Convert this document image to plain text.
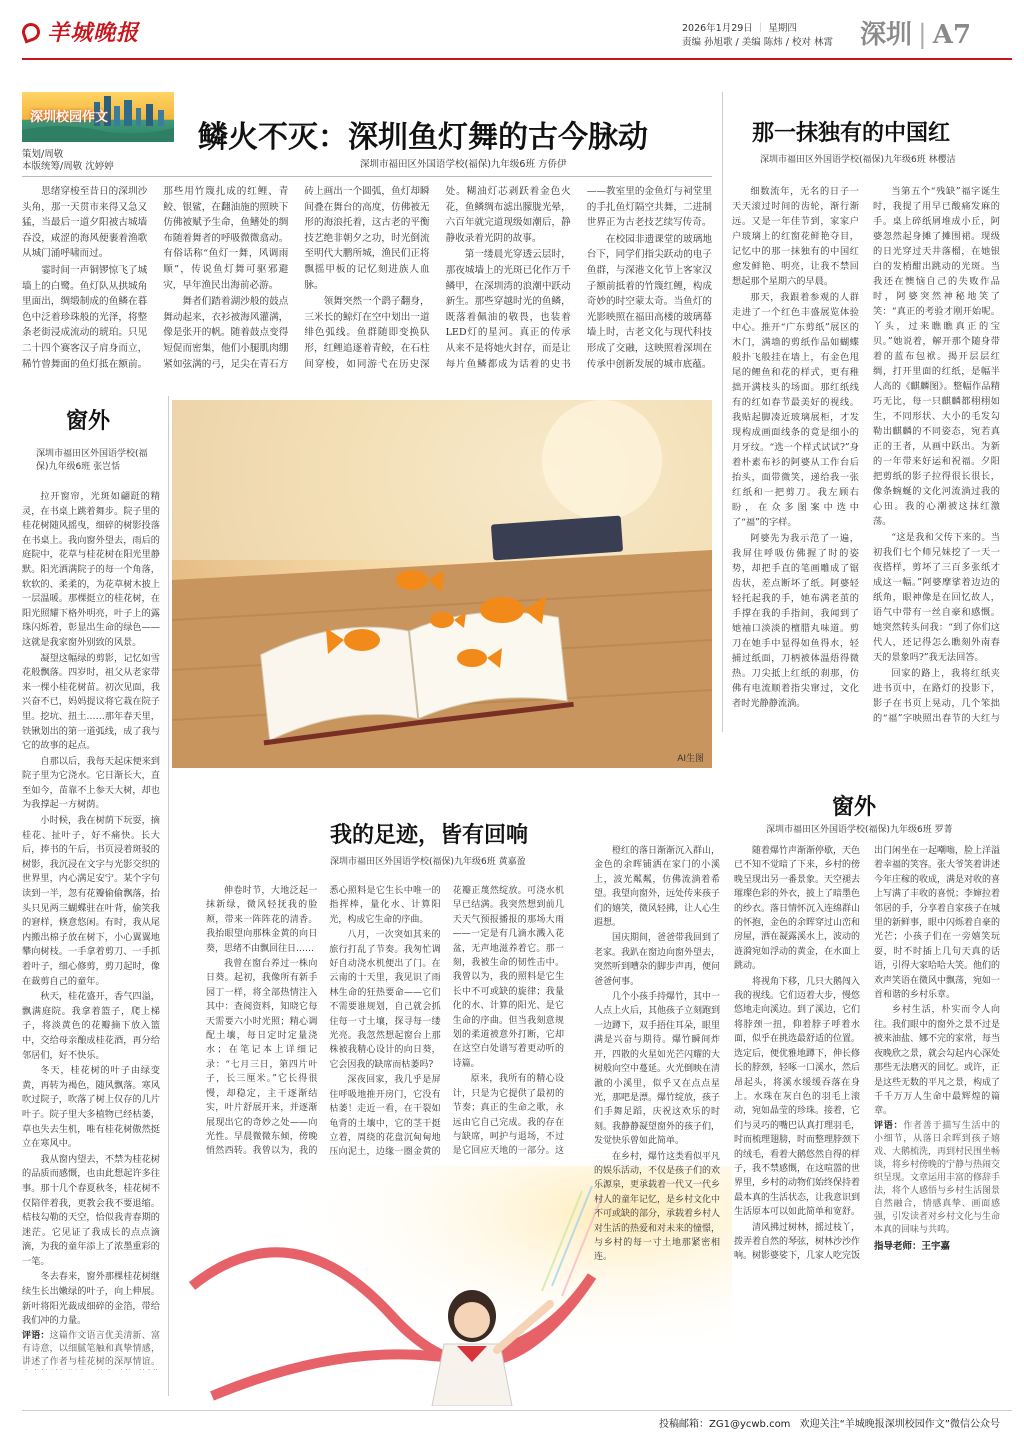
羊城晚报	2026年1月29日 ｜ 星期四
责编 孙旭歌 / 美编 陈炜 / 校对 林霄 深圳 | A7
深圳校园作文
策划/周敬
本版统筹/周敬 沈婷婷
鳞火不灭：深圳鱼灯舞的古今脉动
深圳市福田区外国语学校(福保)九年级6班 方侨伊

思绪穿梭至昔日的深圳沙头角，那一天贯市来得又急又猛，当最后一道夕阳被古城墙吞没，咸涩的海风便裹着渔歌从城门涌呼啸而过。

霎时间一声铜锣惊飞了城墙上的白鹭。鱼灯队从拱城角里面出，绸缎制成的鱼鳞在暮色中泛着珍珠般的光泽，将整条老街浸成流动的琥珀。只见二十四个赛客汉子肩身而立，稀竹曾舞面的鱼灯抵在额前。那些用竹篾扎成的红鲤、青鲛、银鲨，在翻油施的照映下仿佛被赋予生命，鱼鳍处的绸布随着舞者的呼吸微微翕动。有俗话称“鱼灯一舞，风调雨顺”，传说鱼灯舞可驱邪避灾，早年渔民出海前必游。

舞者们踏着湖沙般的鼓点舞动起来，衣衫被海风灌满，像是张开的帆。随着鼓点变得短促而密集，他们小腿肌肉绷紧如弦满的弓，足尖在青石方砖上画出一个圆弧，鱼灯却瞬间叠在舞台的高度，仿佛被无形的海浪托着，这古老的平衡技艺绝非朝夕之功，时光倒流至明代大鹏所城，渔民们正将飘摇甲板的记忆刻进族人血脉。

领舞突然一个鹞子翻身，三米长的鲸灯在空中划出一道绯色弧线。鱼群随即变换队形，红鲤追逐着青鲛，在石柱间穿梭，如同游弋在历史深处。糊油灯芯剥跃着金色火花，鱼鳞绸布滤出朦胧光晕，六百年就完道现级如潮后，静静收录着光阴的故事。

第一缕晨光穿透云层时，那夜城墙上的光斑已化作万千鳞甲，在深圳湾的浪潮中跃动新生。那些穿越时光的鱼鳞，既落着佩油的敬畏，也装着LED灯的星河。真正的传承从来不是将她火封存，而是让每片鱼鳞都成为话着的史书——教室里的金鱼灯与祠堂里的手扎鱼灯隔空共舞，二进制世界正为古老技艺续写传奇。

在校园非遗课堂的玻璃地台下，同学们指尖跃动的电子鱼群，与深港文化节上客家汉子额前抵着的竹篾红鲤，构成奇妙的时空蒙太奇。当鱼灯的光影映照在福田高楼的玻璃幕墙上时，古老文化与现代科技形成了交融，这映照着深圳在传承中创新发展的城市底蕴。

那一抹独有的中国红
深圳市福田区外国语学校(福保)九年级6班 林樱洁

细数流年，无名的日子一天天滚过时间的齿轮，渐行渐远。又是一年佳节到，家家户户玻璃上的红窗花鲜艳夺目，记忆中的那一抹独有的中国红愈发鲜艳、明亮，让我不禁回想起那个星期六的早晨。

那天，我跟着参观的人群走进了一个红色丰盛展览体验中心。推开“广东剪纸”展区的木门，满墙的剪纸作品如蝴蝶般扑飞般挂在墙上，有金色甩尾的鲤鱼和花的样式，更有稚拙开满枝头的场面。那红纸线有的红如春节最美好的视线。我贴起脚凑近玻璃展柜，才发现构成画面线条的竟是细小的月牙纹。“选一个样式试试?”身着朴素布衫的阿婆从工作台后抬头，面带微笑，递给我一张红纸和一把剪刀。我左顾右盼，在众多图案中选中了“福”的字样。

阿婆先为我示范了一遍，我屏住呼吸仿佛握了时的姿势，却把手直的笔画雕成了锯齿状，差点断坏了纸。阿婆轻轻托起我的手，她布满老茧的手撑在我的手指间，我闻到了她袖口淡淡的檀腊丸味道。剪刀在她手中显得如鱼得水，轻捕过纸面，刀柄被体温焐得微热。刀尖抵上红纸的刹那，仿佛有电流顺着指尖窜过，文化者时光静静流淌。

当第五个“残缺”福字诞生时，我提了用早已酸痛发麻的手。桌上碎纸屑堆成小丘，阿婆忽然起身摊了摊围裙。现级的日光穿过天井落榴，在她银白的发梢酣出跳动的光斑。当我还在懊恼自己的失败作品时，阿婆突然神秘地笑了笑：“真正的考验才刚开始呢。丫头，过来瞧瞧真正的宝贝。”她说着，解开那个随身带着的蓝布包袱。揭开层层红绸，打开里面的红纸，是幅半人高的《麒麟图》。整幅作品精巧无比，每一只麒麟都栩栩如生，不同形状、大小的毛发勾勒出麒麟的不同姿态，宛若真正的王者，从画中跃出。为新的一年带来好运和祝福。夕阳把剪纸的影子拉得很长很长，像条蜿蜒的文化河流淌过我的心田。我的心潮被这抹红激荡。

“这是我和父传下来的。当初我们七个师兄妹挖了一天一夜搭样，剪坏了三百多张纸才成这一幅。”阿婆摩挲着边边的纸角，眼神像是在回忆故人，语气中带有一丝自豪和感慨。她突然转头问我：“到了你们这代人，还记得怎么瞧刻外南春天的景象吗?”我无法回答。

回家的路上，我将红纸夹进书页中，在路灯的投影下，影子在书页上晃动，几个笨拙的“福”字映照出春节的大红与

窗外
深圳市福田区外国语学校(福保)九年级6班 张岂恬

拉开窗帘，光斑如翩跹的精灵，在书桌上跳着舞步。院子里的桂花树随风摇曳，细碎的树影投落在书桌上。我向窗外望去，雨后的庭院中，花草与桂花树在阳光里静默。阳光洒满院子的每一个角落，软软的、柔柔的，为花草树木披上一层温暖。那棵挺立的桂花树，在阳光照耀下格外明亮，叶子上的露珠闪烁着，彰显出生命的绿色——这就是我家窗外别致的风景。

凝望这幅绿的剪影，记忆如雪花般飘落。四岁时，祖父从老家带来一棵小桂花树苗。初次见面，我兴奋不已，妈妈提议将它栽在院子里。挖坑、扭土……那年春天里，铁锹划出的第一道弧线，成了我与它的故事的起点。

自那以后，我每天起床便来到院子里为它浇水。它日渐长大，直至如今，苗靠不上参天大树，却也为我撑起一方树荫。

小时候，我在树荫下玩耍，摘桂花、扯叶子，好不痛快。长大后，捧书的午后，书页浸着斑驳的树影，我沉浸在文字与光影交织的世界里，内心满足安宁。某个字句读到一半，忽有花瓣偷偷飘落，抬头只见两三蝴蝶驻在叶背，偷笑我的窘样，倏意悠闲。有时，我从尾内搬出棉子放在树下，小心翼翼地攀向树枝。一手拿着剪刀、一手抓着叶子，细心修剪，剪刀起时，像在裁剪自己的童年。

秋天，桂花盛开，香气四溢，飘满庭院。我拿着篮子，爬上梯子，将淡黄色的花瓣摘下放入篮中，交给母亲酿成桂花酒，再分给邻居们，好不快乐。

冬天，桂花树的叶子由绿变黄，再转为褐色，随风飘落。寒风吹过院子，吹落了树上仅存的几片叶子。院子里大多植物已经枯萎，草也失去生机，唯有桂花树傲然挺立在寒风中。

我从窗内望去，不禁为桂花树的品质而感慨，也由此想起许多往事。那十几个春夏秋冬，桂花树不仅陪伴着我，更教会我不要退缩。桔枝勾勒的天空，恰似我青春期的迷茫。它见证了我成长的点点滴滴，为我的童年添上了浓墨重彩的一笔。

冬去春来，窗外那棵桂花树继续生长出嫩绿的叶子，向上伸展。新叶将阳光裁成细碎的金箔，带给我们冲的力量。

评语：这篇作文语言优美清新、富有诗意，以细腻笔触和真挚情感，讲述了作者与桂花树的深厚情谊。
AI生图
我的足迹，皆有回响
深圳市福田区外国语学校(福保)九年级6班 黄嘉盈

伸卷时节，大地泛起一抹新绿，微风轻抚我的脸颊，带来一阵阵花的清香。我抬眼望向那株金黄的向日葵，思绪不由飘回往日……

我曾在窗台养过一株向日葵。起初，我像所有新手园丁一样，将全部热情注入其中：查阅资料，知晓它每天需要六小时光照；精心调配土壤，每日定时定量浇水；在笔记本上详细记录：“七月三日，第四片叶子，长三厘米。”它长得很慢，却稳定，主干逐渐结实，叶片舒展开来，并逐渐展现出它的奇妙之处——向光性。早晨微微东倾，傍晚悄然西转。我曾以为，我的悉心照料是它生长中唯一的指挥棒，量化水、计算阳光，构成它生命的序曲。

八月，一次突如其来的旅行打乱了节奏。我匆忙调好自动浇水机便出了门。在云南的十天里，我见识了雨林生命的狂热要命——它们不需要谁规划，自己就会抓住每一寸土壤，探寻每一缕光亮。我忽然想起窗台上那株被我精心设计的向日葵，它会因我的缺席而枯萎吗?

深夜回家，我几乎是屏住呼吸地推开房门，它没有枯萎！走近一看，在干裂如龟背的土壤中，它的茎干挺立着，周绕的花盘沉甸甸地压向泥土，边缘一圈金黄的花瓣正蔑然绽放。可浇水机早已结满。我突然想到前几天天气预报播报的那场大雨——一定是有几滴水溅入花盆，无声地滋养着它。那一刻，我被生命的韧性击中。我曾以为，我的照料是它生长中不可或缺的旋律；我量化的水、计算的阳光、是它生命的序曲。但当我刻意规划的柔道被意外打断，它却在这空白处谱写着更动听的诗篇。

原来，我所有的精心设计，只是为它提供了最初的节奏；真正的生命之歌，永远由它自己完成。我的存在与缺席，呵护与退场，不过是它回应天地的一部分。这

窗外
深圳市福田区外国语学校(福保)九年级6班 罗菁

橙红的落日渐渐沉入群山，金色的余晖铺洒在家门的小溪上，波光粼粼，仿佛流淌着希望。我望向窗外，远处传来孩子们的嬉笑，微风轻拂，让人心生遐想。

国庆期间，爸爸带我回到了老家。我趴在窗边向窗外望去，突然听到嘈杂的脚步声再，便问爸爸何事。

几个小孩手持爆竹，其中一人点上火后，其他孩子立刻跑到一边蹲下，双手捂住耳朵，眼里满是兴奋与期待。爆竹瞬间炸开，四散的火星如光芒闪耀的大树般向空中蔓延。火光倒映在清澈的小溪里，似乎又在点点星光，那吧是漂。爆竹绽放，孩子们手舞足蹈，庆祝这欢乐的时刻。我静静凝望窗外的孩子们，发觉快乐曾如此简单。

在乡村，爆竹这类看似平凡的娱乐活动，不仅是孩子们的欢乐源泉，更承载着一代又一代乡村人的童年记忆，是乡村文化中不可或缺的部分，承载着乡村人对生活的热爱和对未来的憧憬，与乡村的每一寸土地那紧密相连。

随着爆竹声渐渐停歇，天色已不知不觉暗了下来，乡村的傍晚呈现出另一番景象。天空褪去璀璨色彩的外衣，披上了暗墨色的纱衣。落日情怀沉入连绵群山的怀抱，金色的余晖穿过山峦和房屋，洒在凝露溪水上，波动的涟漪宛如浮动的黄金，在水面上跳动。

将视角下移，几只大鹅闯入我的视线。它们迈着大步，慢悠悠地走向溪边。到了溪边，它们将脖颈一扭，仰着脖子呼着水面，似乎在挑选最舒适的位置。选定后，便优雅地蹲下，伸长修长的脖颈，轻啄一口溪水，然后昂起头，将溪水缓缓吞落在身上。水珠在灰白色的羽毛上滚动，宛如晶莹的珍珠。接着，它们与灵巧的嘴巴认真打理羽毛，时而梳理翅膀，时而整理脖颈下的绒毛，看着大鹅悠然自得的样子，我不禁感慨，在这喧嚣的世界里，乡村的动物们始终保持着最本真的生活状态，让我意识到生活原本可以如此简单和宽舒。

清风拂过树林，摇过枝丫，拨弄着自然的琴弦，树林沙沙作响。树影婆娑下，几家人吃完饭出门闲坐在一起嘲嗡，脸上洋溢着幸福的笑容。张大爷笑着讲述今年庄稼的收成，满是对收的喜上写满了丰收的喜悦；李婶拉着邻居的手，分享着自家孩子在城里的新鲜事，眼中闪烁着自豪的光芒；小孩子们在一旁嬉笑玩耍，时不时插上几句天真的话语，引得大家哈哈大笑。他们的欢声笑语在微风中飘荡，宛如一首和谐的乡村乐章。

乡村生活，朴实而令人向往。我们眼中的窗外之景不过是被来油盐、娜不完的家常，每当夜晚欣之景，就会勾起内心深处那些无法磨灭的回忆。或许，正是这些无数的平凡之景，构成了千千万万人生命中最辉煌的篇章。

评语：作者善于描写生活中的小细节，从落日余晖到孩子嬉戏、大鹅梳洗，再到村民围坐畅谈，将乡村傍晚的宁静与热闹交织呈现。文章运用丰富的修辞手法，将个人感悟与乡村生活图景自然融合，情感真挚、画面感强，引发读者对乡村文化与生命本真的回味与共鸣。
指导老师：王宇嘉
投稿邮箱：ZG1@ycwb.com 欢迎关注“羊城晚报深圳校园作文”微信公众号
